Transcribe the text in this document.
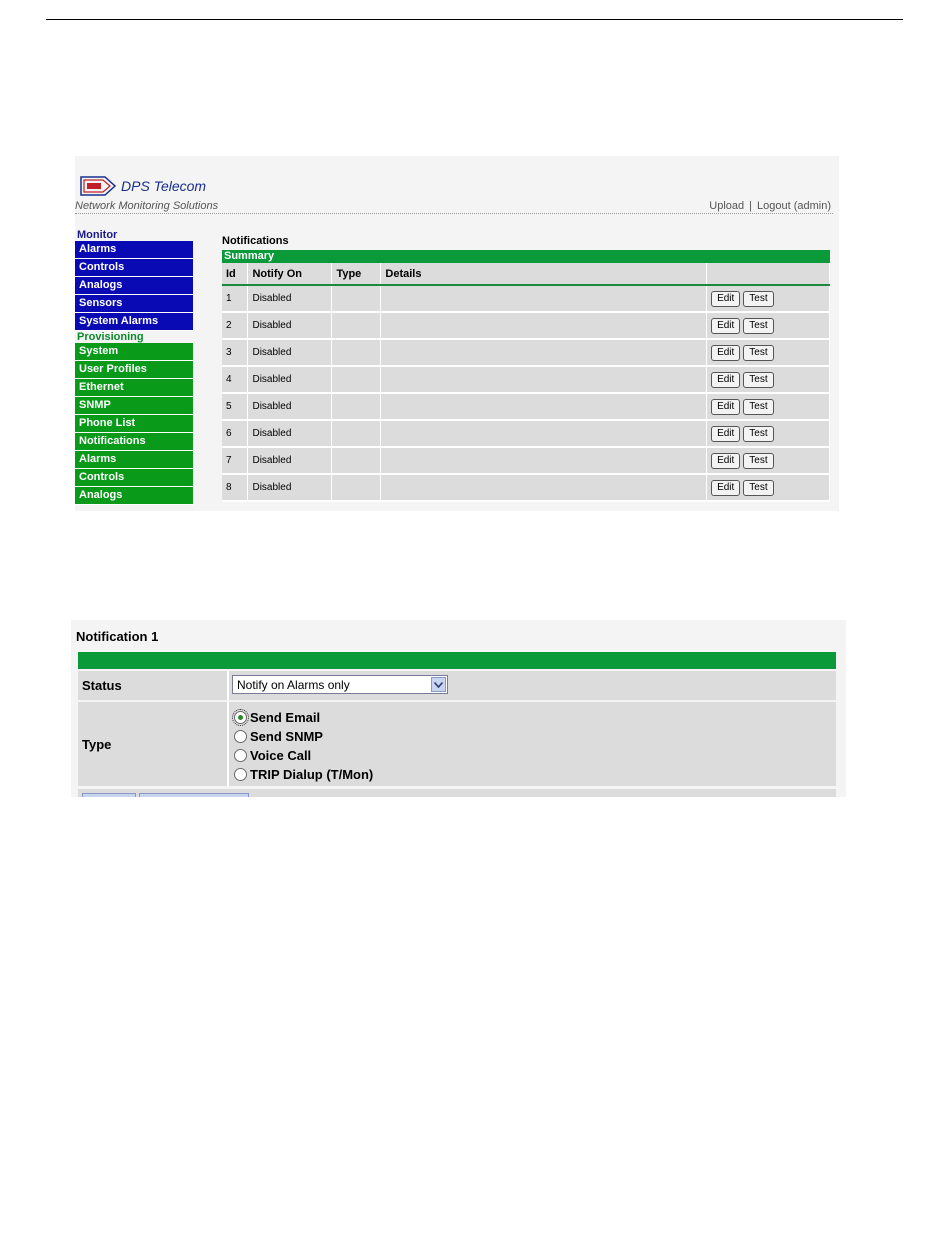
DPS Telecom
Network Monitoring Solutions	Upload | Logout (admin)
Monitor
Alarms
Controls
Analogs
Sensors
System Alarms
Provisioning
System
User Profiles
Ethernet
SNMP
Phone List
Notifications
Alarms
Controls
Analogs
Notifications
Summary
Id	Notify On	Type	Details	
1	Disabled			Edit Test
2	Disabled			Edit Test
3	Disabled			Edit Test
4	Disabled			Edit Test
5	Disabled			Edit Test
6	Disabled			Edit Test
7	Disabled			Edit Test
8	Disabled			Edit Test
Notification 1
Status	Notify on Alarms only
Type
Send Email
Send SNMP
Voice Call
TRIP Dialup (T/Mon)
